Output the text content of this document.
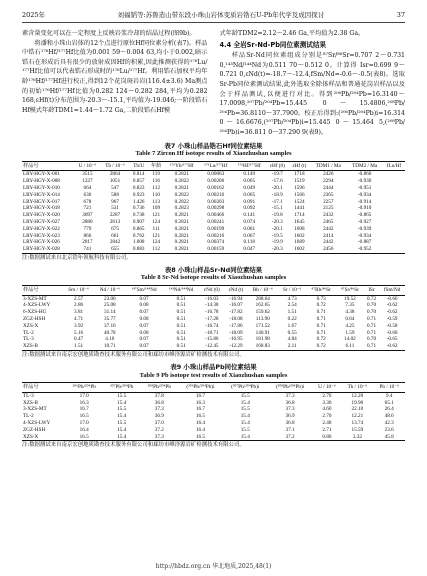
2025年	刘福韬等:苏鲁造山带东段小珠山岩体变质岩锆石U-Pb年代学及成因探讨	37

素含量变化可以在一定程度上反映岩浆冷却的结晶过程(图9b)。

将潘和小珠山岩体的12个点进行原位Hf同位素分析(表7)。样品中锆石¹⁷⁶Hf/¹⁷⁷Hf比值为0.001 59～0.004 63,均小于0.002,暗示锆石在形成后具有很少的放射成因Hf的积累,因此推测获得的¹⁷⁶Lu/¹⁷⁷Hf比值可以代表锆石形成时的¹⁷⁶Lu/¹⁷⁷Hf。利用锆石加权平均年龄¹⁷⁶Hf/¹⁷⁷Hf进行校正,得到12个花岗斑岩岩(116.4±3.6) Ma测点的初始¹⁷⁶Hf/¹⁷⁷Hf比值为0.282 124～0.282 284,平均为0.282 168,εHf(t)分布范围为-20.3～-15.1,平均值为-19.046;一阶段锆石Hf模式年龄TDM1=1.44～1.72 Ga,二阶段锆石Hf模

式年龄TDM2=2.12～2.46 Ga,平均值为2.38 Ga。

4.4 全岩Sr-Nd-Pb同位素测试结果

样品Sr-Nd同位素组成分别是⁸⁷Sr/⁸⁶Sr=0.707 2～0.731 0,¹⁴³Nd/¹⁴⁴Nd为0.511 70～0.512 0。计算得 Isr=0.699 9～0.721 0,εNd(t)=-18.7～-12.4,fSm/Nd=-0.6～-0.5(表8)。选取Sr-Pb同位素测试结果,此外选取全除体样品和普通花岗岩样品以及会于样品测试,以便进行对比。得到²⁰⁶Pb/²⁰⁴Pb=16.3140～17.0098,²⁰⁷Pb/²⁰⁴Pb=15.445 0～15.4806,²⁰⁸Pb/²⁰⁴Pb=36.8110～37.7900。校正后得到:(²⁰⁶Pb/²⁰⁴Pb)i=16.314 0～16.6676,(²⁰⁷Pb/²⁰⁴Pb)i=15.445 0～15.464 5,(²⁰⁸Pb/²⁰⁴Pb)i=36.811 0～37.290 9(表9)。

表7 小珠山样品锆石Hf同位素结果
Table 7 Zircon Hf isotope results of Xiaozhushan samples
样品号	U / 10⁻⁶	Th / 10⁻⁶	Th/U	年龄	¹⁷⁶Yb/¹⁷⁷Hf	¹⁷⁶Lu/¹⁷⁷Hf	¹⁷⁶Hf/¹⁷⁷Hf	εHf (0)	εHf (t)	TDM1 / Ma	TDM2 / Ma	fLu/Hf
LRY-HGY-X-001	3515	2864	0.814	119	0.2821	0.00063	0.149	-19.7	1718	2426	-0.860	
LRY-HGY-X-008	1227	1051	0.857	116	0.2822	0.00206	0.065	-17.6	1519	2294	-0.930	
LRY-HGY-X-010	664	547	0.823	112	0.2821	0.00162	0.049	-20.1	1596	2444	-0.951	
LRY-HGY-X-014	636	588	0.923	110	0.2822	0.00216	0.065	-18.9	1566	2365	-0.934	
LRY-HGY-X-017	678	967	1.426	113	0.2822	0.00203	0.091	-17.1	1524	2257	-0.914	
LRY-HGY-X-018	721	531	0.736	109	0.2823	0.00298	0.092	-15.1	1441	2125	-0.910	
LRY-HGY-X-020	3097	2287	0.738	121	0.2821	0.00466	0.141	-19.8	1714	2432	-0.865	
LRY-HGY-X-027	2880	2613	0.907	124	0.2821	0.00241	0.074	-20.3	1645	2465	-0.927	
LRY-HGY-X-022	779	675	0.865	111	0.2821	0.00199	0.061	-20.1	1608	2442	-0.939	
LRY-HGY-X-023	866	661	0.762	121	0.2821	0.00216	0.067	-19.5	1602	2414	-0.934	
LRY-HGY-X-026	2817	2842	1.008	124	0.2821	0.00374	0.118	-19.9	1689	2442	-0.887	
LRY-HGY-X-028	741	655	0.883	112	0.2821	0.00159	0.047	-20.3	1602	2456	-0.952	
注:数据测试来自北京锆年领航科技有限公司。
表8 小珠山样品Sr-Nd同位素结果
Table 8 Sr-Nd isotope results of Xiaozhushan samples
样品号	Sm / 10⁻⁶	Nd / 10⁻⁶	¹⁴⁷Sm/¹⁴⁴Nd	¹⁴³Nd/¹⁴⁴Nd	εNd (0)	εNd (t)	Rb / 10⁻⁶	Sr / 10⁻⁶	⁸⁷Rb/⁸⁶Sr	⁸⁷Sr/⁸⁶Sr	ISr	fSm/Nd
3-XZS-MT	2.57	23.00	0.07	0.51	-16.03	-16.94	288.64	4.73	0.73	19.52	0.72	-0.66
4-XZS-LWY	2.86	25.08	0.08	0.51	-14.38	-16.07	162.65	2.54	0.72	7.35	0.70	-0.62
6-XZS-HG	3.81	31.14	0.07	0.51	-16.78	-17.82	159.62	1.51	0.71	4.38	0.70	-0.62
ZGZ-HSH	4.71	35.77	0.08	0.51	-17.28	-18.08	113.90	0.22	0.71	0.64	0.71	-0.59
XZS-X	3.92	37.16	0.07	0.51	-16.74	-17.86	171.52	1.67	0.71	4.25	0.71	-0.58
TL-2	5.16	40.78	0.08	0.51	-18.71	-18.09	140.91	0.55	0.71	1.59	0.71	-0.60
TL-3	0.47	4.10	0.07	0.51	-15.86	-16.95	181.98	4.84	0.72	14.02	0.70	-0.65
XZS-B	1.51	10.71	0.07	0.51	-12.45	-12.29	168.83	2.11	0.72	6.11	0.71	-0.62
注:数据测试来自南京宏创地质勘查技术服务有限公司和廊坊市峰泽源岩矿检测技术有限公司。
表9 小珠山样品Pb同位素结果
Table 9 Pb isotope test results of Xiaozhushan samples
样品号	²⁰⁶Pb/²⁰⁴Pb	²⁰⁷Pb/²⁰⁴Pb	²⁰⁸Pb/²⁰⁴Pb	(²⁰⁶Pb/²⁰⁴Pb)i	(²⁰⁷Pb/²⁰⁴Pb)i	(²⁰⁸Pb/²⁰⁴Pb)i	U / 10⁻⁶	Th / 10⁻⁶	Pb / 10⁻⁶
TL-3	17.0	15.5	37.8	16.7	15.5	37.3	2.70	12.20	9.4
XZS-B	16.3	15.4	36.8	16.3	15.4	36.8	3.30	19.90	65.1
3-XZS-MT	16.7	15.5	37.3	16.7	15.5	37.3	4.60	22.10	26.4
TL-2	16.5	15.4	36.9	16.5	15.4	36.9	2.70	12.21	48.6
4-XZS-LWY	17.0	15.5	37.0	16.4	15.4	36.8	2.48	13.74	42.3
ZGZ-HSH	16.4	15.4	37.2	16.4	15.5	37.1	2.71	15.59	23.6
XZS-X	16.5	15.4	37.3	16.5	15.4	37.2	0.80	3.32	45.8
注:数据测试来自南京宏创地质勘查技术服务有限公司和廊坊市峰泽源岩矿检测技术有限公司。
http://hbdz.org.cn 华北地质,2025,48(1)
